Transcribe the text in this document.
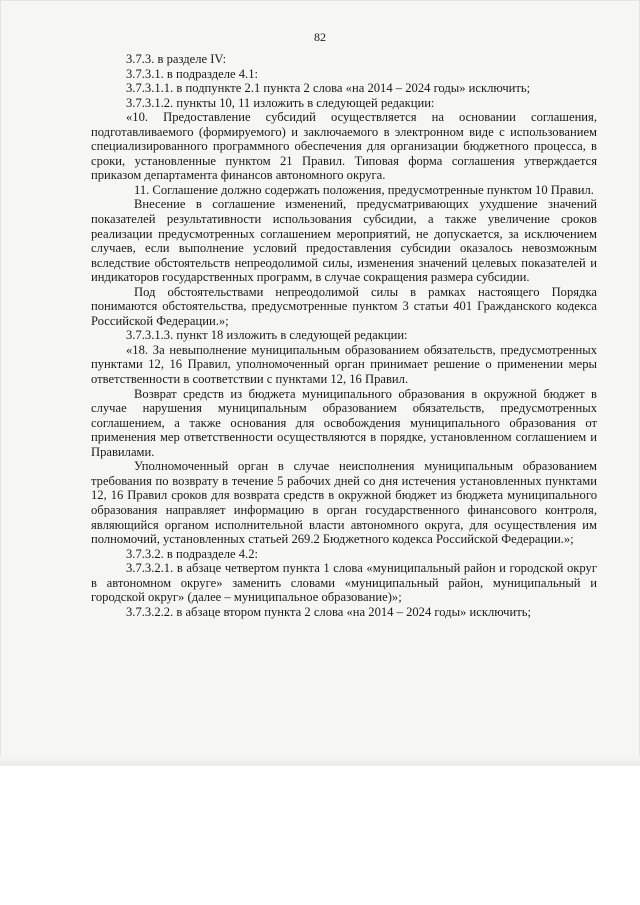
82

3.7.3. в разделе IV:

3.7.3.1. в подразделе 4.1:

3.7.3.1.1. в подпункте 2.1 пункта 2 слова «на 2014 – 2024 годы» исключить;

3.7.3.1.2. пункты 10, 11 изложить в следующей редакции:

«10. Предоставление субсидий осуществляется на основании соглашения, подготавливаемого (формируемого) и заключаемого в электронном виде с использованием специализированного программного обеспечения для организации бюджетного процесса, в сроки, установленные пунктом 21 Правил. Типовая форма соглашения утверждается приказом департамента финансов автономного округа.

11. Соглашение должно содержать положения, предусмотренные пунктом 10 Правил.

Внесение в соглашение изменений, предусматривающих ухудшение значений показателей результативности использования субсидии, а также увеличение сроков реализации предусмотренных соглашением мероприятий, не допускается, за исключением случаев, если выполнение условий предоставления субсидии оказалось невозможным вследствие обстоятельств непреодолимой силы, изменения значений целевых показателей и индикаторов государственных программ, в случае сокращения размера субсидии.

Под обстоятельствами непреодолимой силы в рамках настоящего Порядка понимаются обстоятельства, предусмотренные пунктом 3 статьи 401 Гражданского кодекса Российской Федерации.»;

3.7.3.1.3. пункт 18 изложить в следующей редакции:

«18. За невыполнение муниципальным образованием обязательств, предусмотренных пунктами 12, 16 Правил, уполномоченный орган принимает решение о применении меры ответственности в соответствии с пунктами 12, 16 Правил.

Возврат средств из бюджета муниципального образования в окружной бюджет в случае нарушения муниципальным образованием обязательств, предусмотренных соглашением, а также основания для освобождения муниципального образования от применения мер ответственности осуществляются в порядке, установленном соглашением и Правилами.

Уполномоченный орган в случае неисполнения муниципальным образованием требования по возврату в течение 5 рабочих дней со дня истечения установленных пунктами 12, 16 Правил сроков для возврата средств в окружной бюджет из бюджета муниципального образования направляет информацию в орган государственного финансового контроля, являющийся органом исполнительной власти автономного округа, для осуществления им полномочий, установленных статьей 269.2 Бюджетного кодекса Российской Федерации.»;

3.7.3.2. в подразделе 4.2:

3.7.3.2.1. в абзаце четвертом пункта 1 слова «муниципальный район и городской округ в автономном округе» заменить словами «муниципальный район, муниципальный и городской округ» (далее – муниципальное образование)»;

3.7.3.2.2. в абзаце втором пункта 2 слова «на 2014 – 2024 годы» исключить;
